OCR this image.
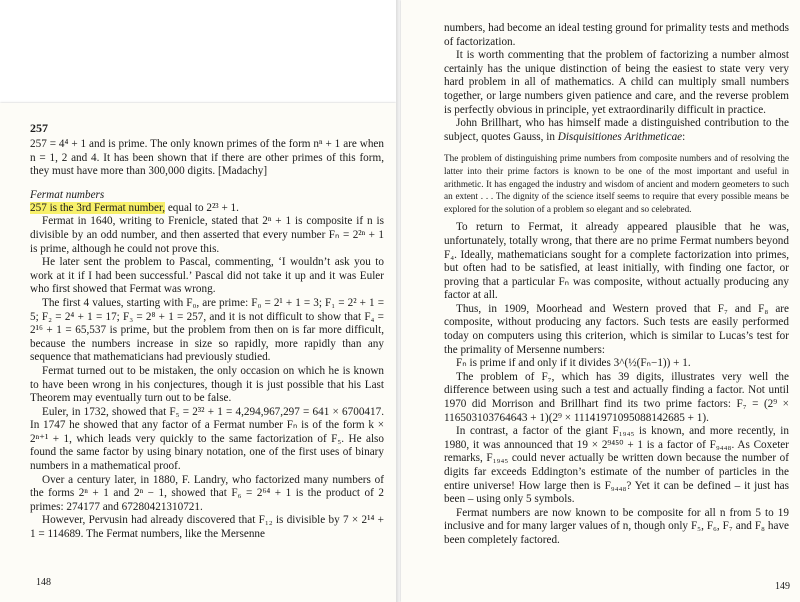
257

257 = 4⁴ + 1 and is prime. The only known primes of the form nⁿ + 1 are when n = 1, 2 and 4. It has been shown that if there are other primes of this form, they must have more than 300,000 digits. [Madachy]

Fermat numbers

257 is the 3rd Fermat number, equal to 2²³ + 1.

Fermat in 1640, writing to Frenicle, stated that 2ⁿ + 1 is composite if n is divisible by an odd number, and then asserted that every number Fₙ = 2²ⁿ + 1 is prime, although he could not prove this.

He later sent the problem to Pascal, commenting, ‘I wouldn’t ask you to work at it if I had been successful.’ Pascal did not take it up and it was Euler who first showed that Fermat was wrong.

The first 4 values, starting with F₀, are prime: F₀ = 2¹ + 1 = 3; F₁ = 2² + 1 = 5; F₂ = 2⁴ + 1 = 17; F₃ = 2⁸ + 1 = 257, and it is not difficult to show that F₄ = 2¹⁶ + 1 = 65,537 is prime, but the problem from then on is far more difficult, because the numbers increase in size so rapidly, more rapidly than any sequence that mathematicians had previously studied.

Fermat turned out to be mistaken, the only occasion on which he is known to have been wrong in his conjectures, though it is just possible that his Last Theorem may eventually turn out to be false.

Euler, in 1732, showed that F₅ = 2³² + 1 = 4,294,967,297 = 641 × 6700417. In 1747 he showed that any factor of a Fermat number Fₙ is of the form k × 2ⁿ⁺¹ + 1, which leads very quickly to the same factorization of F₅. He also found the same factor by using binary notation, one of the first uses of binary numbers in a mathematical proof.

Over a century later, in 1880, F. Landry, who factorized many numbers of the forms 2ⁿ + 1 and 2ⁿ − 1, showed that F₆ = 2⁶⁴ + 1 is the product of 2 primes: 274177 and 67280421310721.

However, Pervusin had already discovered that F₁₂ is divisible by 7 × 2¹⁴ + 1 = 114689. The Fermat numbers, like the Mersenne

148

numbers, had become an ideal testing ground for primality tests and methods of factorization.

It is worth commenting that the problem of factorizing a number almost certainly has the unique distinction of being the easiest to state very very hard problem in all of mathematics. A child can multiply small numbers together, or large numbers given patience and care, and the reverse problem is perfectly obvious in principle, yet extraordinarily difficult in practice.

John Brillhart, who has himself made a distinguished contribution to the subject, quotes Gauss, in Disquisitiones Arithmeticae:

The problem of distinguishing prime numbers from composite numbers and of resolving the latter into their prime factors is known to be one of the most important and useful in arithmetic. It has engaged the industry and wisdom of ancient and modern geometers to such an extent . . . The dignity of the science itself seems to require that every possible means be explored for the solution of a problem so elegant and so celebrated.

To return to Fermat, it already appeared plausible that he was, unfortunately, totally wrong, that there are no prime Fermat numbers beyond F₄. Ideally, mathematicians sought for a complete factorization into primes, but often had to be satisfied, at least initially, with finding one factor, or proving that a particular Fₙ was composite, without actually producing any factor at all.

Thus, in 1909, Moorhead and Western proved that F₇ and F₈ are composite, without producing any factors. Such tests are easily performed today on computers using this criterion, which is similar to Lucas’s test for the primality of Mersenne numbers:

Fₙ is prime if and only if it divides 3^(½(Fₙ−1)) + 1.

The problem of F₇, which has 39 digits, illustrates very well the difference between using such a test and actually finding a factor. Not until 1970 did Morrison and Brillhart find its two prime factors: F₇ = (2⁹ × 116503103764643 + 1)(2⁹ × 11141971095088142685 + 1).

In contrast, a factor of the giant F₁₉₄₅ is known, and more recently, in 1980, it was announced that 19 × 2⁹⁴⁵⁰ + 1 is a factor of F₉₄₄₈. As Coxeter remarks, F₁₉₄₅ could never actually be written down because the number of digits far exceeds Eddington’s estimate of the number of particles in the entire universe! How large then is F₉₄₄₈? Yet it can be defined – it just has been – using only 5 symbols.

Fermat numbers are now known to be composite for all n from 5 to 19 inclusive and for many larger values of n, though only F₅, F₆, F₇ and F₈ have been completely factored.

149
